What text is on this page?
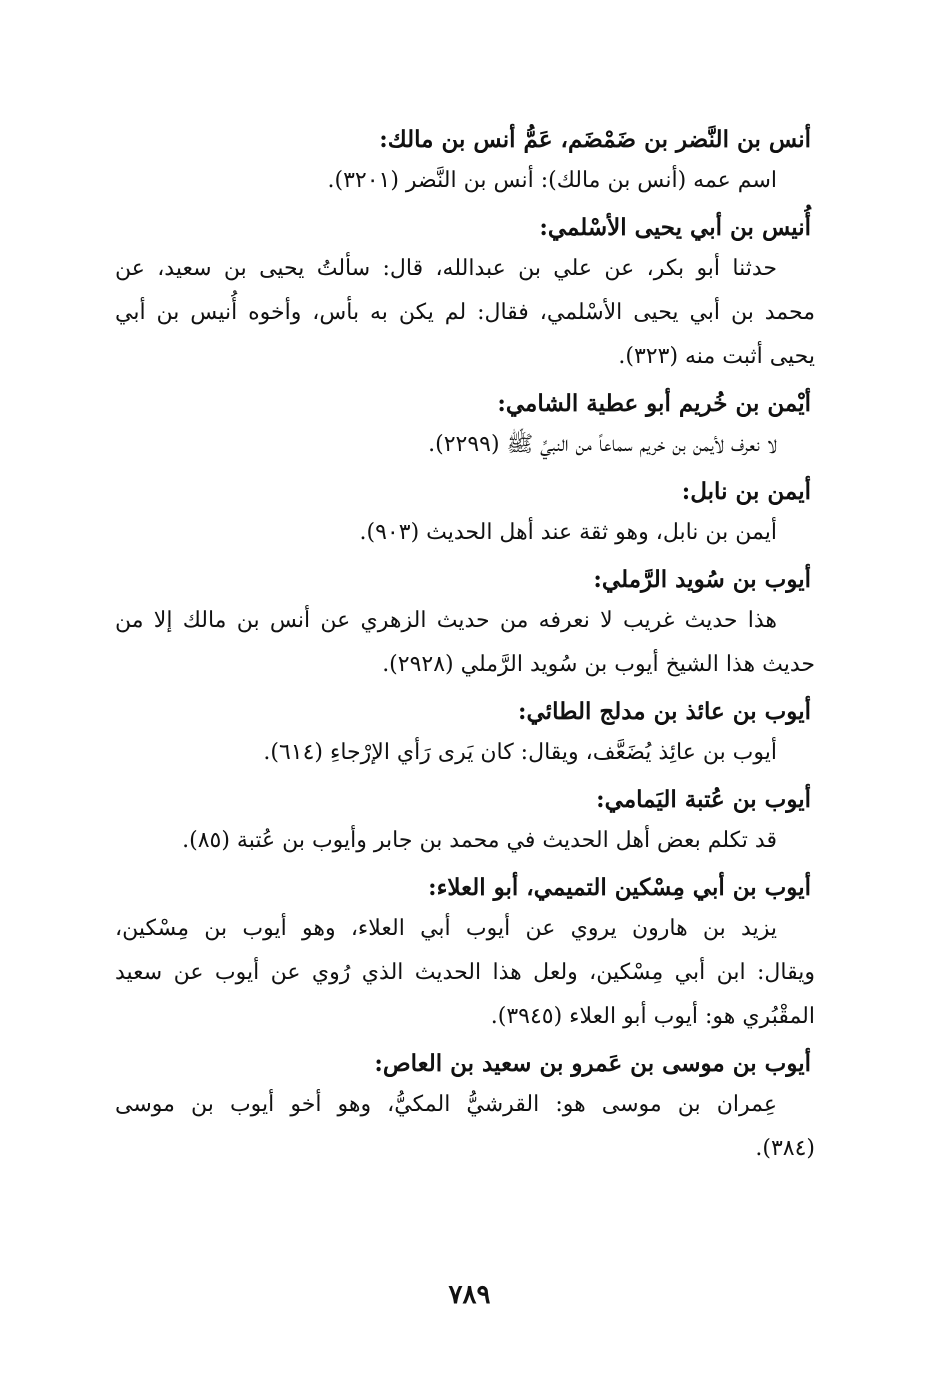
أنس بن النَّضر بن ضَمْضَم، عَمُّ أنس بن مالك:
اسم عمه (أنس بن مالك): أنس بن النَّضر (٣٢٠١).
أُنيس بن أبي يحيى الأسْلمي:
حدثنا أبو بكر، عن علي بن عبدالله، قال: سألتُ يحيى بن سعيد، عن
محمد بن أبي يحيى الأسْلمي، فقال: لم يكن به بأس، وأخوه أُنيس بن أبي
يحيى أثبت منه (٣٢٣).
أيْمن بن خُريم أبو عطية الشامي:
لا نعرف لأيمن بن خريم سماعاً من النبيِّ ﷺ (٢٢٩٩).
أيمن بن نابل:
أيمن بن نابل، وهو ثقة عند أهل الحديث (٩٠٣).
أيوب بن سُويد الرَّملي:
هذا حديث غريب لا نعرفه من حديث الزهري عن أنس بن مالك إلا من
حديث هذا الشيخ أيوب بن سُويد الرَّملي (٢٩٢٨).
أيوب بن عائذ بن مدلج الطائي:
أيوب بن عائِذ يُضَعَّف، ويقال: كان يَرى رَأي الإرْجاءِ (٦١٤).
أيوب بن عُتبة اليَمامي:
قد تكلم بعض أهل الحديث في محمد بن جابر وأيوب بن عُتبة (٨٥).
أيوب بن أبي مِسْكين التميمي، أبو العلاء:
يزيد بن هارون يروي عن أيوب أبي العلاء، وهو أيوب بن مِسْكين،
ويقال: ابن أبي مِسْكين، ولعل هذا الحديث الذي رُوي عن أيوب عن سعيد
المقْبُري هو: أيوب أبو العلاء (٣٩٤٥).
أيوب بن موسى بن عَمرو بن سعيد بن العاص:
عِمران بن موسى هو: القرشيُّ المكيُّ، وهو أخو أيوب بن موسى
(٣٨٤).
٧٨٩
